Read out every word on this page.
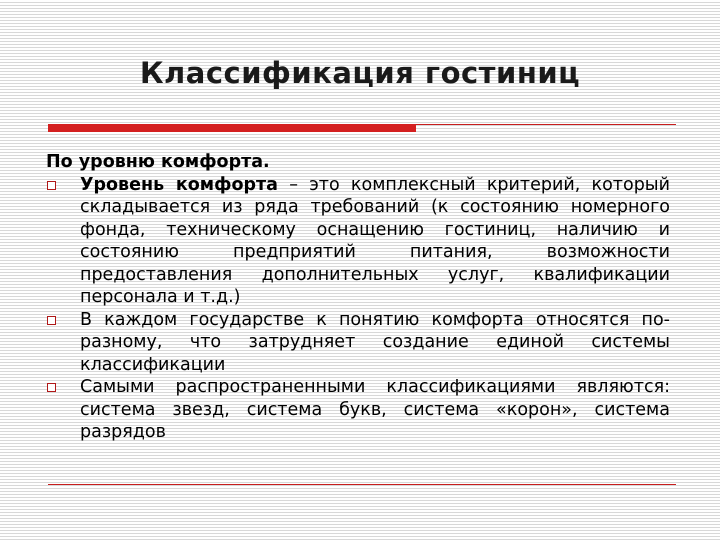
Классификация гостиниц

По уровню комфорта.

Уровень комфорта – это комплексный критерий, который складывается из ряда требований (к состоянию номерного фонда, техническому оснащению гостиниц, наличию и состоянию предприятий питания, возможности предоставления дополнительных услуг, квалификации персонала и т.д.)
В каждом государстве к понятию комфорта относятся по-разному, что затрудняет создание единой системы классификации
Самыми распространенными классификациями являются: система звезд, система букв, система «корон», система разрядов
